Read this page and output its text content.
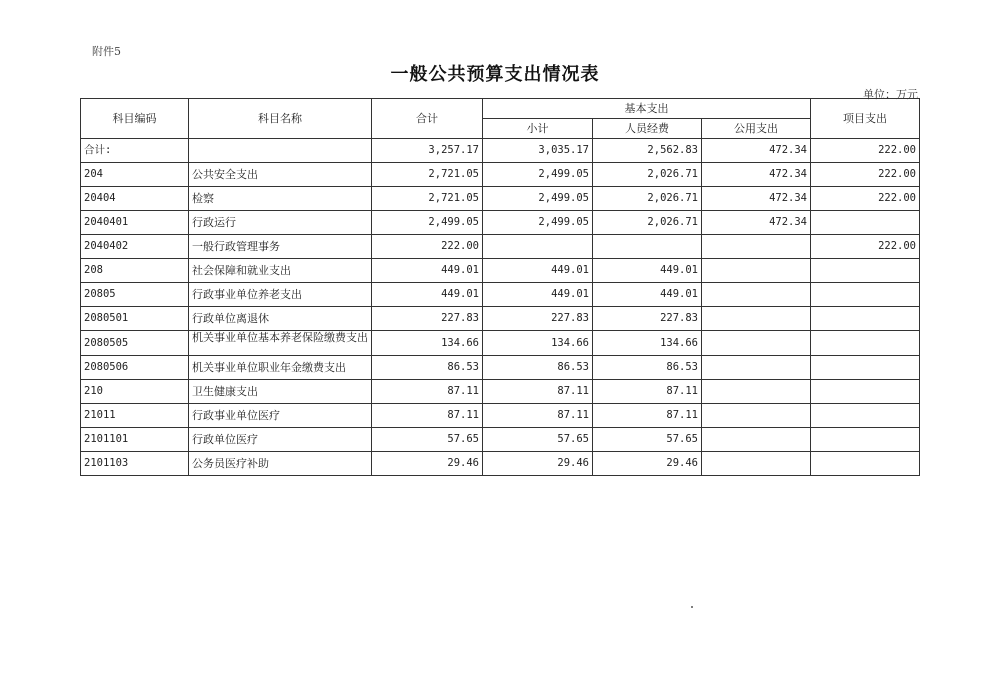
附件5
一般公共预算支出情况表
单位：万元
科目编码	科目名称	合计	基本支出			项目支出
			小计	人员经费	公用支出	
合计:		3,257.17	3,035.17	2,562.83	472.34	222.00
204	公共安全支出	2,721.05	2,499.05	2,026.71	472.34	222.00
20404	检察	2,721.05	2,499.05	2,026.71	472.34	222.00
2040401	行政运行	2,499.05	2,499.05	2,026.71	472.34	
2040402	一般行政管理事务	222.00				222.00
208	社会保障和就业支出	449.01	449.01	449.01		
20805	行政事业单位养老支出	449.01	449.01	449.01		
2080501	行政单位离退休	227.83	227.83	227.83		
2080505	机关事业单位基本养老保险缴费支出	134.66	134.66	134.66		
2080506	机关事业单位职业年金缴费支出	86.53	86.53	86.53		
210	卫生健康支出	87.11	87.11	87.11		
21011	行政事业单位医疗	87.11	87.11	87.11		
2101101	行政单位医疗	57.65	57.65	57.65		
2101103	公务员医疗补助	29.46	29.46	29.46		
